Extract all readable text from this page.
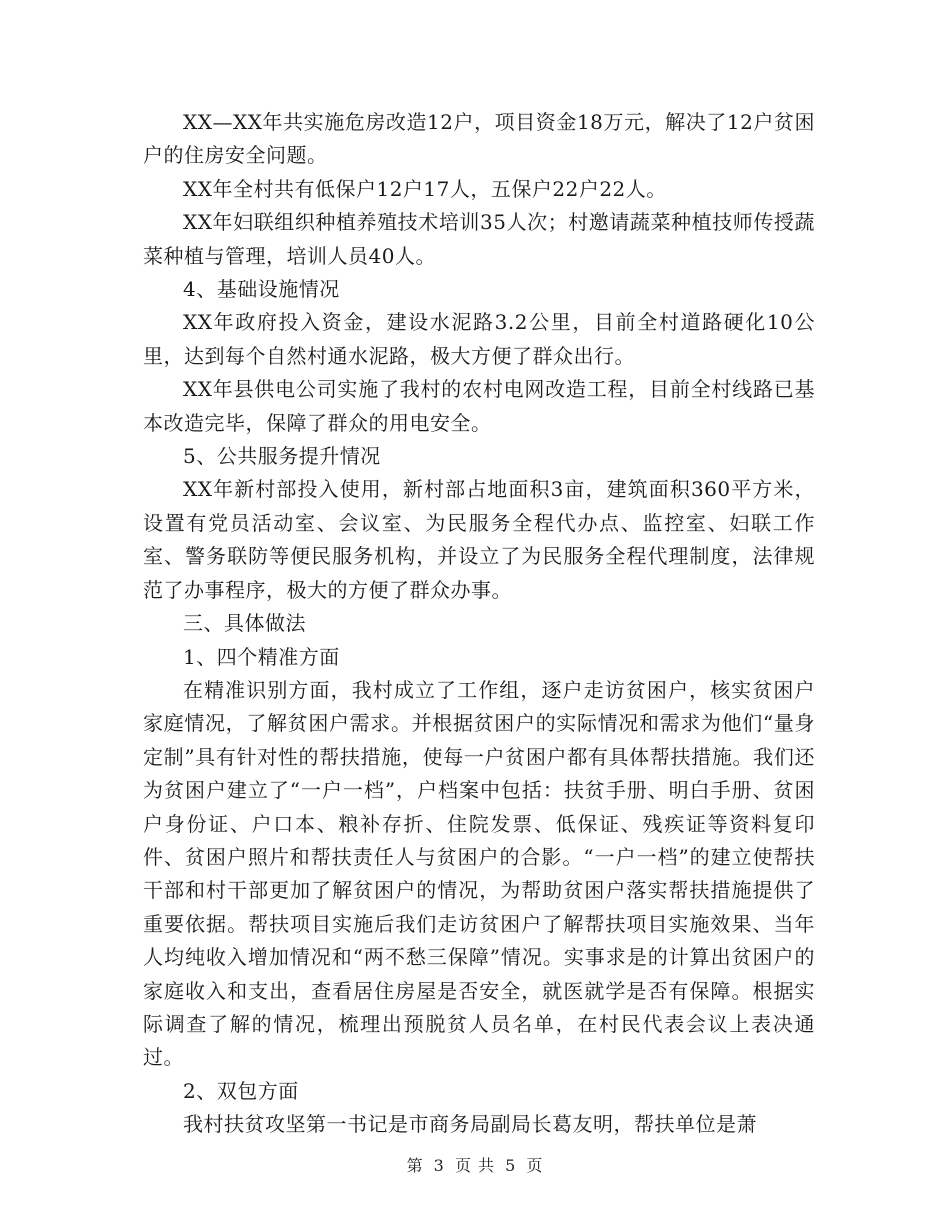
XX—XX年共实施危房改造12户，项目资金18万元，解决了12户贫困户的住房安全问题。

XX年全村共有低保户12户17人，五保户22户22人。

XX年妇联组织种植养殖技术培训35人次；村邀请蔬菜种植技师传授蔬菜种植与管理，培训人员40人。

4、基础设施情况

XX年政府投入资金，建设水泥路3.2公里，目前全村道路硬化10公里，达到每个自然村通水泥路，极大方便了群众出行。

XX年县供电公司实施了我村的农村电网改造工程，目前全村线路已基本改造完毕，保障了群众的用电安全。

5、公共服务提升情况

XX年新村部投入使用，新村部占地面积3亩，建筑面积360平方米，设置有党员活动室、会议室、为民服务全程代办点、监控室、妇联工作室、警务联防等便民服务机构，并设立了为民服务全程代理制度，法律规范了办事程序，极大的方便了群众办事。

三、具体做法

1、四个精准方面

在精准识别方面，我村成立了工作组，逐户走访贫困户，核实贫困户家庭情况，了解贫困户需求。并根据贫困户的实际情况和需求为他们“量身定制”具有针对性的帮扶措施，使每一户贫困户都有具体帮扶措施。我们还为贫困户建立了“一户一档”，户档案中包括：扶贫手册、明白手册、贫困户身份证、户口本、粮补存折、住院发票、低保证、残疾证等资料复印件、贫困户照片和帮扶责任人与贫困户的合影。“一户一档”的建立使帮扶干部和村干部更加了解贫困户的情况，为帮助贫困户落实帮扶措施提供了重要依据。帮扶项目实施后我们走访贫困户了解帮扶项目实施效果、当年人均纯收入增加情况和“两不愁三保障”情况。实事求是的计算出贫困户的家庭收入和支出，查看居住房屋是否安全，就医就学是否有保障。根据实际调查了解的情况，梳理出预脱贫人员名单，在村民代表会议上表决通过。

2、双包方面

我村扶贫攻坚第一书记是市商务局副局长葛友明，帮扶单位是萧

第 3 页 共 5 页
